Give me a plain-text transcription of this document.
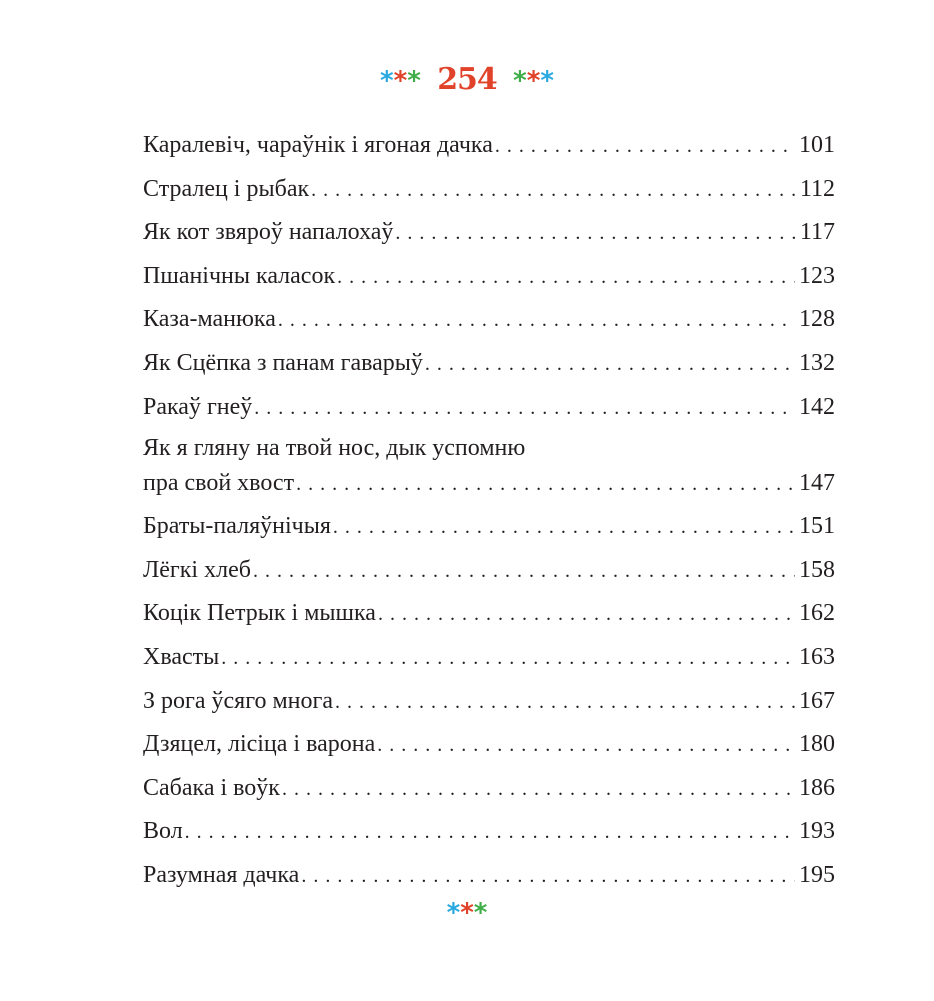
*** 254 ***
Каралевіч, чараўнік і ягоная дачка . . .	101
Стралец і рыбак . . .	112
Як кот звяроў напалохаў . . .	117
Пшанічны каласок . . .	123
Каза-манюка . . .	128
Як Сцёпка з панам гаварыў . . .	132
Ракаў гнеў . . .	142
Як я гляну на твой нос, дык успомню
пра свой хвост . . .	147
Браты-паляўнічыя . . .	151
Лёгкі хлеб . . .	158
Коцік Петрык і мышка . . .	162
Хвасты . . .	163
З рога ўсяго многа . . .	167
Дзяцел, лісіца і варона . . .	180
Сабака і воўк . . .	186
Вол . . .	193
Разумная дачка . . .	195
***
